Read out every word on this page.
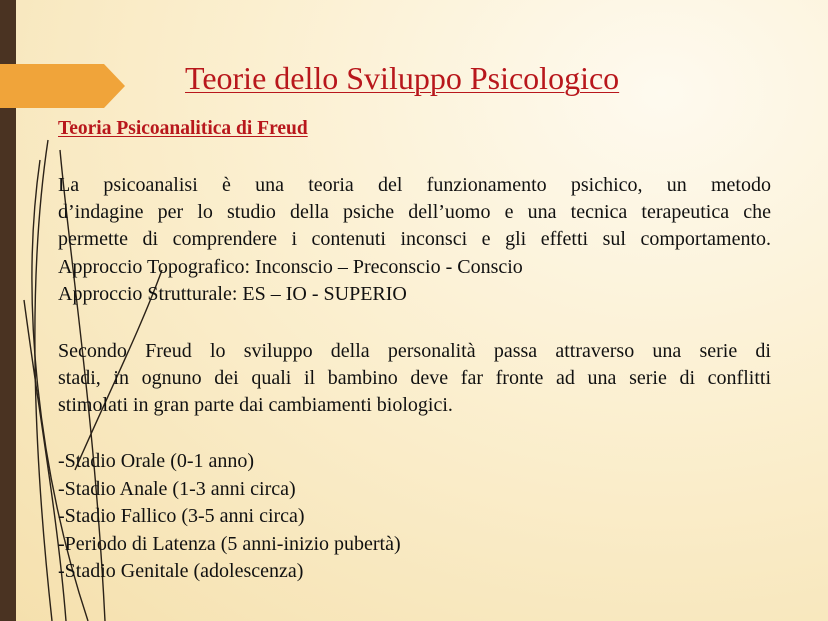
Teorie dello Sviluppo Psicologico
Teoria Psicoanalitica di Freud

La psicoanalisi è una teoria del funzionamento psichico, un metodo
d’indagine per lo studio della psiche dell’uomo e una tecnica terapeutica che
permette di comprendere i contenuti inconsci e gli effetti sul comportamento.

Approccio Topografico: Inconscio – Preconscio - Conscio

Approccio Strutturale: ES – IO - SUPERIO

Secondo Freud lo sviluppo della personalità passa attraverso una serie di
stadi, in ognuno dei quali il bambino deve far fronte ad una serie di conflitti
stimolati in gran parte dai cambiamenti biologici.

-Stadio Orale (0-1 anno)
-Stadio Anale (1-3 anni circa)
-Stadio Fallico (3-5 anni circa)
-Periodo di Latenza (5 anni-inizio pubertà)
-Stadio Genitale (adolescenza)
